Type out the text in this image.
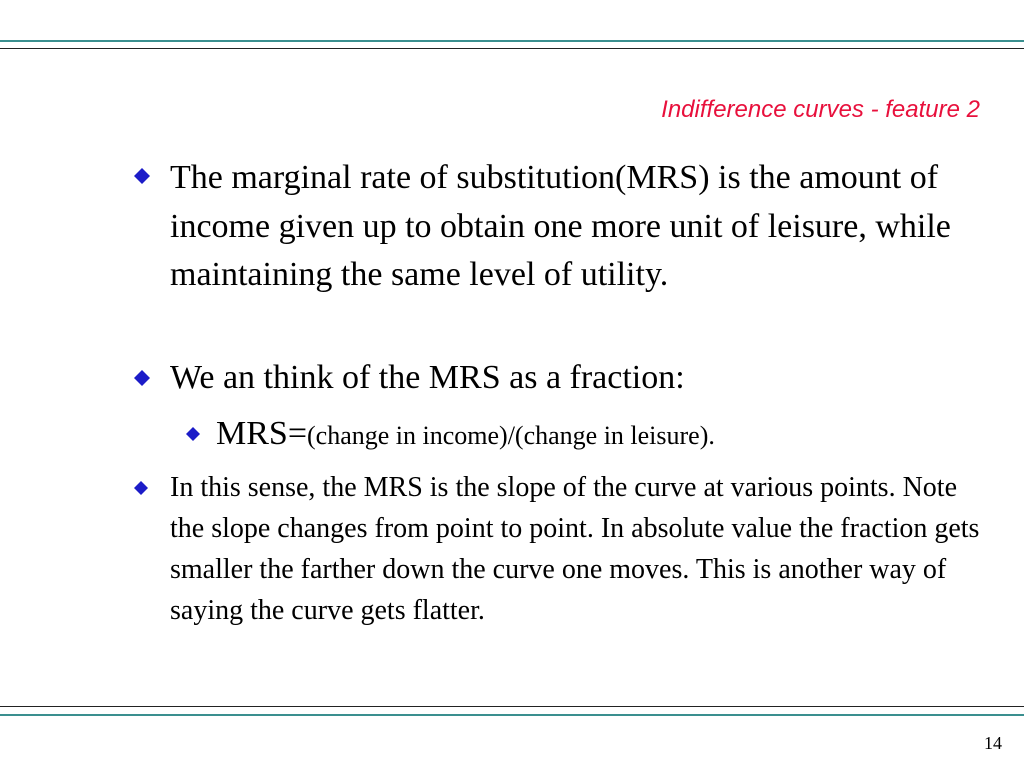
Indifference curves - feature 2
The marginal rate of substitution(MRS) is the amount of income given up to obtain one more unit of leisure, while maintaining the same level of utility.
We an think of the MRS as a fraction:
MRS=(change in income)/(change in leisure).
In this sense, the MRS is the slope of the curve at various points. Note the slope changes from point to point. In absolute value the fraction gets smaller the farther down the curve one moves. This is another way of saying the curve gets flatter.
14
